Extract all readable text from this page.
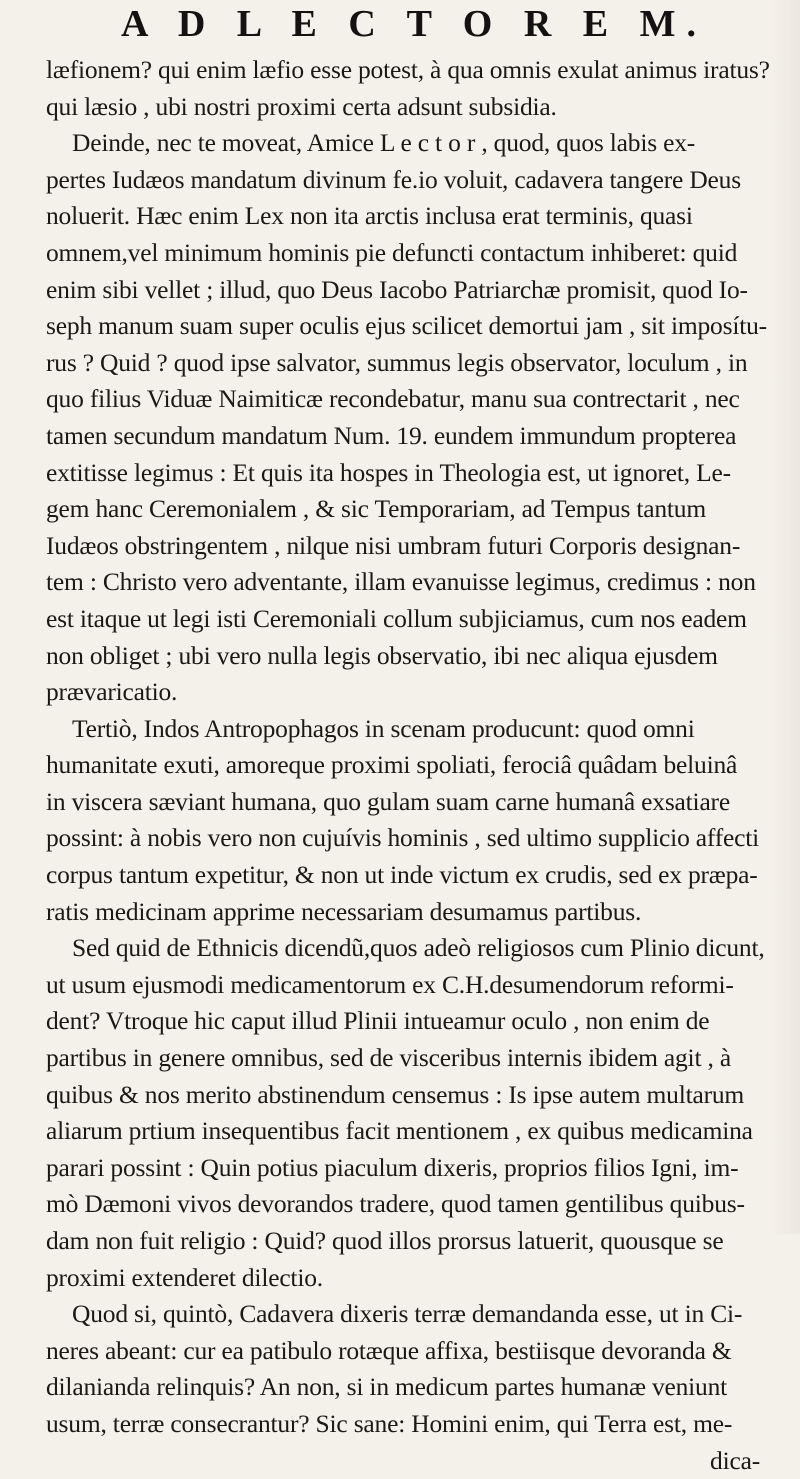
A D L E C T O R E M.
læfionem? qui enim læfio esse potest, à qua omnis exulat animus iratus?
qui læsio , ubi nostri proximi certa adsunt subsidia.
Deinde, nec te moveat, Amice L e c t o r , quod, quos labis ex-
pertes Iudæos mandatum divinum fe.io voluit, cadavera tangere Deus
noluerit. Hæc enim Lex non ita arctis inclusa erat terminis, quasi
omnem,vel minimum hominis pie defuncti contactum inhiberet: quid
enim sibi vellet ; illud, quo Deus Iacobo Patriarchæ promisit, quod Io-
seph manum suam super oculis ejus scilicet demortui jam , sit imposítu-
rus ? Quid ? quod ipse salvator, summus legis observator, loculum , in
quo filius Viduæ Naimiticæ recondebatur, manu sua contrectarit , nec
tamen secundum mandatum Num. 19. eundem immundum propterea
extitisse legimus : Et quis ita hospes in Theologia est, ut ignoret, Le-
gem hanc Ceremonialem , & sic Temporariam, ad Tempus tantum
Iudæos obstringentem , nilque nisi umbram futuri Corporis designan-
tem : Christo vero adventante, illam evanuisse legimus, credimus : non
est itaque ut legi isti Ceremoniali collum subjiciamus, cum nos eadem
non obliget ; ubi vero nulla legis observatio, ibi nec aliqua ejusdem
prævaricatio.
Tertiò, Indos Antropophagos in scenam producunt: quod omni
humanitate exuti, amoreque proximi spoliati, ferociâ quâdam beluinâ
in viscera sæviant humana, quo gulam suam carne humanâ exsatiare
possint: à nobis vero non cujuívis hominis , sed ultimo supplicio affecti
corpus tantum expetitur, & non ut inde victum ex crudis, sed ex præpa-
ratis medicinam apprime necessariam desumamus partibus.
Sed quid de Ethnicis dicendũ,quos adeò religiosos cum Plinio dicunt,
ut usum ejusmodi medicamentorum ex C.H.desumendorum reformi-
dent? Vtroque hic caput illud Plinii intueamur oculo , non enim de
partibus in genere omnibus, sed de visceribus internis ibidem agit , à
quibus & nos merito abstinendum censemus : Is ipse autem multarum
aliarum prtium insequentibus facit mentionem , ex quibus medicamina
parari possint : Quin potius piaculum dixeris, proprios filios Igni, im-
mò Dæmoni vivos devorandos tradere, quod tamen gentilibus quibus-
dam non fuit religio : Quid? quod illos prorsus latuerit, quousque se
proximi extenderet dilectio.
Quod si, quintò, Cadavera dixeris terræ demandanda esse, ut in Ci-
neres abeant: cur ea patibulo rotæque affixa, bestiisque devoranda &
dilanianda relinquis? An non, si in medicum partes humanæ veniunt
usum, terræ consecrantur? Sic sane: Homini enim, qui Terra est, me-
dica-
